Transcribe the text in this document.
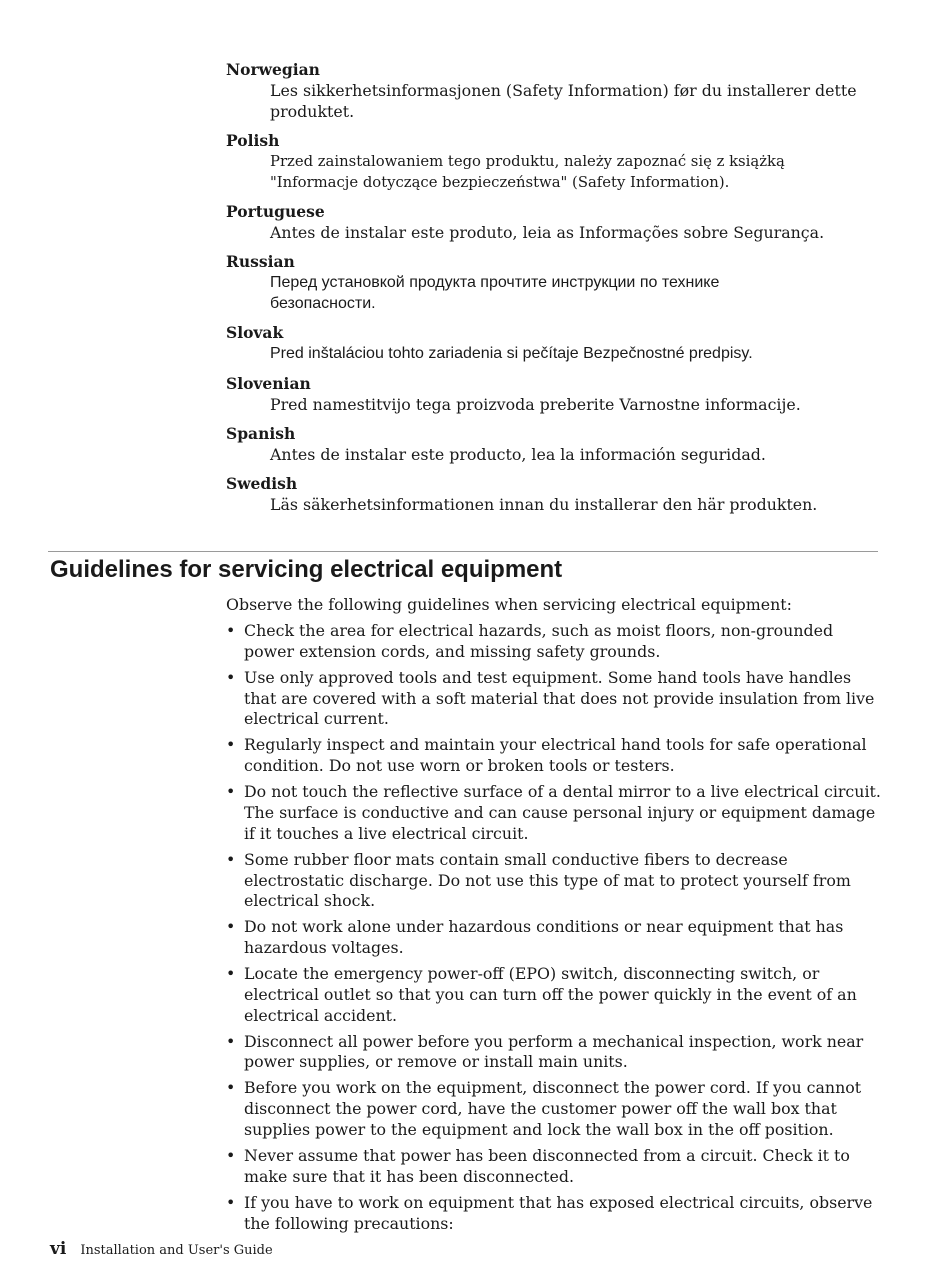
Norwegian
Les sikkerhetsinformasjonen (Safety Information) før du installerer dette produktet.
Polish
Przed zainstalowaniem tego produktu, należy zapoznać się z książką "Informacje dotyczące bezpieczeństwa" (Safety Information).
Portuguese
Antes de instalar este produto, leia as Informações sobre Segurança.
Russian
Перед установкой продукта прочтите инструкции по технике безопасности.
Slovak
Pred inštaláciou tohto zariadenia si pečítaje Bezpečnostné predpisy.
Slovenian
Pred namestitvijo tega proizvoda preberite Varnostne informacije.
Spanish
Antes de instalar este producto, lea la información seguridad.
Swedish
Läs säkerhetsinformationen innan du installerar den här produkten.
Guidelines for servicing electrical equipment

Observe the following guidelines when servicing electrical equipment:

• Check the area for electrical hazards, such as moist floors, non-grounded power extension cords, and missing safety grounds.
• Use only approved tools and test equipment. Some hand tools have handles that are covered with a soft material that does not provide insulation from live electrical current.
• Regularly inspect and maintain your electrical hand tools for safe operational condition. Do not use worn or broken tools or testers.
• Do not touch the reflective surface of a dental mirror to a live electrical circuit. The surface is conductive and can cause personal injury or equipment damage if it touches a live electrical circuit.
• Some rubber floor mats contain small conductive fibers to decrease electrostatic discharge. Do not use this type of mat to protect yourself from electrical shock.
• Do not work alone under hazardous conditions or near equipment that has hazardous voltages.
• Locate the emergency power-off (EPO) switch, disconnecting switch, or electrical outlet so that you can turn off the power quickly in the event of an electrical accident.
• Disconnect all power before you perform a mechanical inspection, work near power supplies, or remove or install main units.
• Before you work on the equipment, disconnect the power cord. If you cannot disconnect the power cord, have the customer power off the wall box that supplies power to the equipment and lock the wall box in the off position.
• Never assume that power has been disconnected from a circuit. Check it to make sure that it has been disconnected.
• If you have to work on equipment that has exposed electrical circuits, observe the following precautions:
vi Installation and User's Guide
